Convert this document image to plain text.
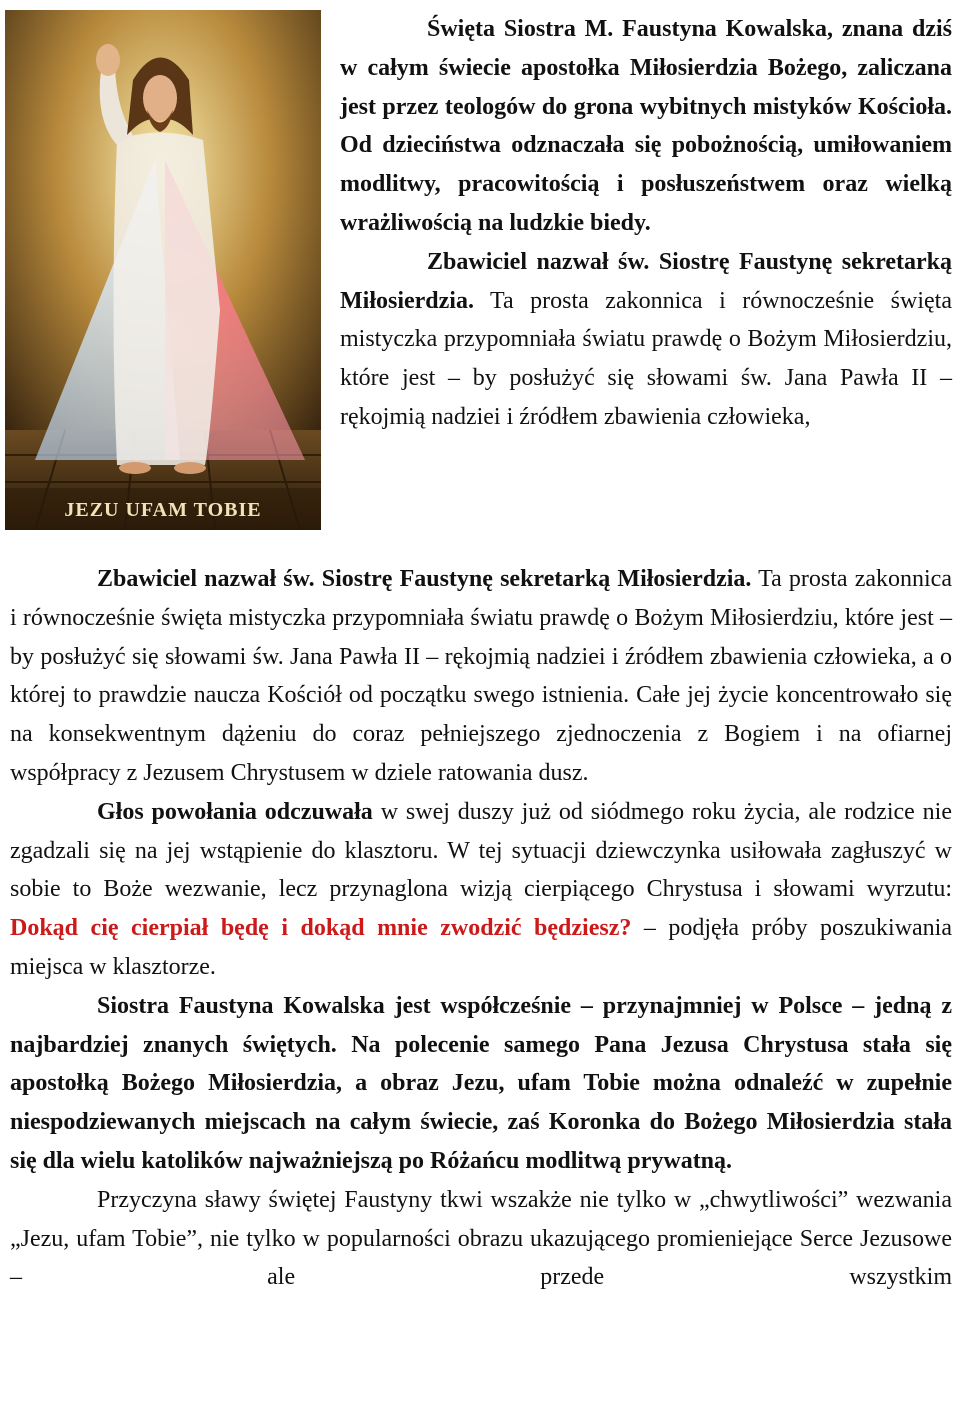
JEZU UFAM TOBIE

Święta Siostra M. Faustyna Kowalska, znana dziś w całym świecie apostołka Miłosierdzia Bożego, zaliczana jest przez teologów do grona wybitnych mistyków Kościoła. Od dzieciństwa odznaczała się pobożnością, umiłowaniem modlitwy, pracowitością i posłuszeństwem oraz wielką wrażliwością na ludzkie biedy.

Zbawiciel nazwał św. Siostrę Faustynę sekretarką Miłosierdzia. Ta prosta zakonnica i równocześnie święta mistyczka przypomniała światu prawdę o Bożym Miłosierdziu, które jest – by posłużyć się słowami św. Jana Pawła II – rękojmią nadziei i źródłem zbawienia człowieka,

Zbawiciel nazwał św. Siostrę Faustynę sekretarką Miłosierdzia. Ta prosta zakonnica i równocześnie święta mistyczka przypomniała światu prawdę o Bożym Miłosierdziu, które jest – by posłużyć się słowami św. Jana Pawła II – rękojmią nadziei i źródłem zbawienia człowieka, a o której to prawdzie naucza Kościół od początku swego istnienia. Całe jej życie koncentrowało się na konsekwentnym dążeniu do coraz pełniejszego zjednoczenia z Bogiem i na ofiarnej współpracy z Jezusem Chrystusem w dziele ratowania dusz.

Głos powołania odczuwała w swej duszy już od siódmego roku życia, ale rodzice nie zgadzali się na jej wstąpienie do klasztoru. W tej sytuacji dziewczynka usiłowała zagłuszyć w sobie to Boże wezwanie, lecz przynaglona wizją cierpiącego Chrystusa i słowami wyrzutu: Dokąd cię cierpiał będę i dokąd mnie zwodzić będziesz? – podjęła próby poszukiwania miejsca w klasztorze.

Siostra Faustyna Kowalska jest współcześnie – przynajmniej w Polsce – jedną z najbardziej znanych świętych. Na polecenie samego Pana Jezusa Chrystusa stała się apostołką Bożego Miłosierdzia, a obraz Jezu, ufam Tobie można odnaleźć w zupełnie niespodziewanych miejscach na całym świecie, zaś Koronka do Bożego Miłosierdzia stała się dla wielu katolików najważniejszą po Różańcu modlitwą prywatną.

Przyczyna sławy świętej Faustyny tkwi wszakże nie tylko w „chwytliwości” wezwania „Jezu, ufam Tobie”, nie tylko w popularności obrazu ukazującego promieniejące Serce Jezusowe – ale przede wszystkim
